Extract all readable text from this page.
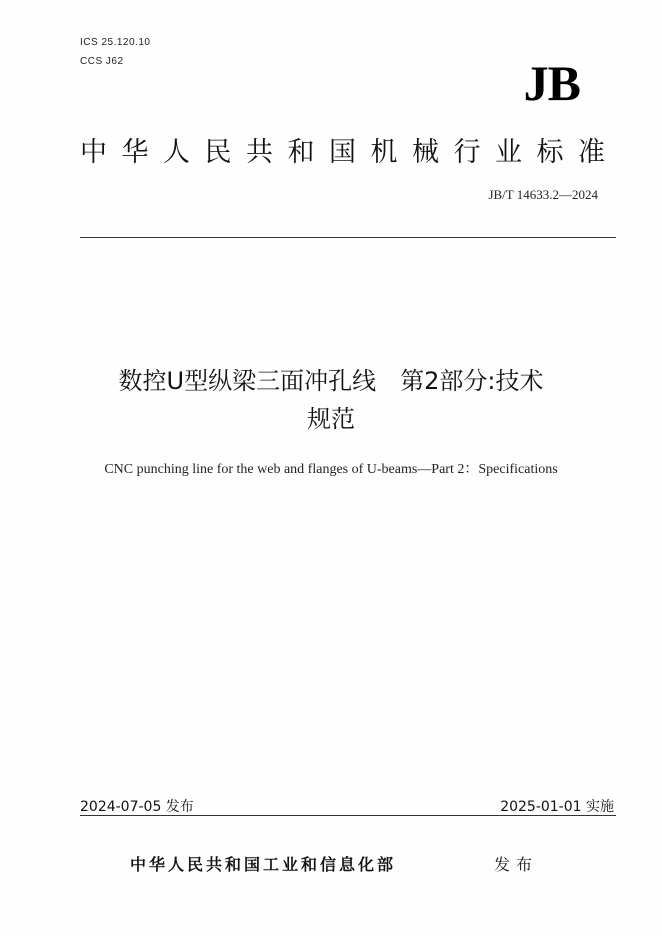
ICS 25.120.10
CCS J62	JB
中华人民共和国机械行业标准
JB/T 14633.2—2024
数控U型纵梁三面冲孔线　第2部分:技术
规范
CNC punching line for the web and flanges of U-beams—Part 2：Specifications
2024-07-05 发布	2025-01-01 实施
中华人民共和国工业和信息化部	发布
